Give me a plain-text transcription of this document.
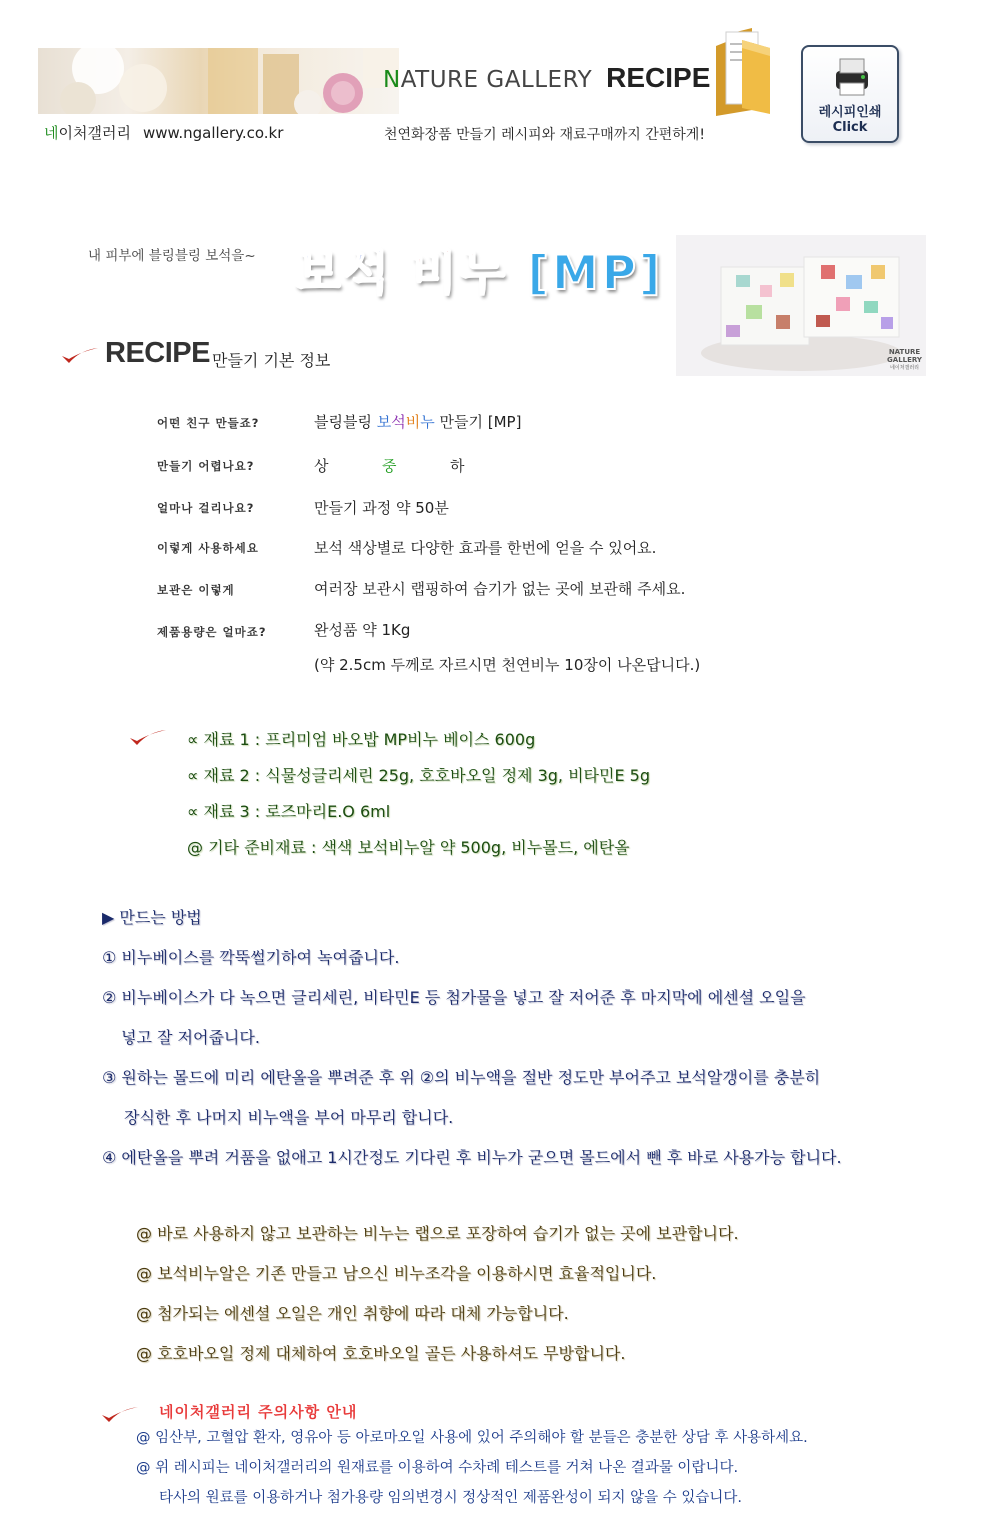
NATURE GALLERY RECIPE
네이처갤러리 www.ngallery.co.kr	천연화장품 만들기 레시피와 재료구매까지 간편하게!
레시피인쇄
Click
내 피부에 블링블링 보석을~ 보석 비누 [MP]
NATURE
GALLERY
네이처갤러리
RECIPE 만들기 기본 정보
어떤 친구 만들죠?	블링블링 보석비누 만들기 [MP]
만들기 어렵나요?	상	중	하
얼마나 걸리나요?	만들기 과정 약 50분
이렇게 사용하세요	보석 색상별로 다양한 효과를 한번에 얻을 수 있어요.
보관은 이렇게	여러장 보관시 랩핑하여 습기가 없는 곳에 보관해 주세요.
제품용량은 얼마죠?	완성품 약 1Kg
(약 2.5cm 두께로 자르시면 천연비누 10장이 나온답니다.)
∝ 재료 1 : 프리미엄 바오밥 MP비누 베이스 600g
∝ 재료 2 : 식물성글리세린 25g, 호호바오일 정제 3g, 비타민E 5g
∝ 재료 3 : 로즈마리E.O 6ml
@ 기타 준비재료 : 색색 보석비누알 약 500g, 비누몰드, 에탄올
▶ 만드는 방법
① 비누베이스를 깍뚝썰기하여 녹여줍니다.
② 비누베이스가 다 녹으면 글리세린, 비타민E 등 첨가물을 넣고 잘 저어준 후 마지막에 에센셜 오일을
넣고 잘 저어줍니다.
③ 원하는 몰드에 미리 에탄올을 뿌려준 후 위 ②의 비누액을 절반 정도만 부어주고 보석알갱이를 충분히
장식한 후 나머지 비누액을 부어 마무리 합니다.
④ 에탄올을 뿌려 거품을 없애고 1시간정도 기다린 후 비누가 굳으면 몰드에서 뺀 후 바로 사용가능 합니다.
@ 바로 사용하지 않고 보관하는 비누는 랩으로 포장하여 습기가 없는 곳에 보관합니다.
@ 보석비누알은 기존 만들고 남으신 비누조각을 이용하시면 효율적입니다.
@ 첨가되는 에센셜 오일은 개인 취향에 따라 대체 가능합니다.
@ 호호바오일 정제 대체하여 호호바오일 골든 사용하셔도 무방합니다.
네이처갤러리 주의사항 안내
@ 임산부, 고혈압 환자, 영유아 등 아로마오일 사용에 있어 주의해야 할 분들은 충분한 상담 후 사용하세요.
@ 위 레시피는 네이처갤러리의 원재료를 이용하여 수차례 테스트를 거쳐 나온 결과물 이랍니다.
타사의 원료를 이용하거나 첨가용량 임의변경시 정상적인 제품완성이 되지 않을 수 있습니다.
